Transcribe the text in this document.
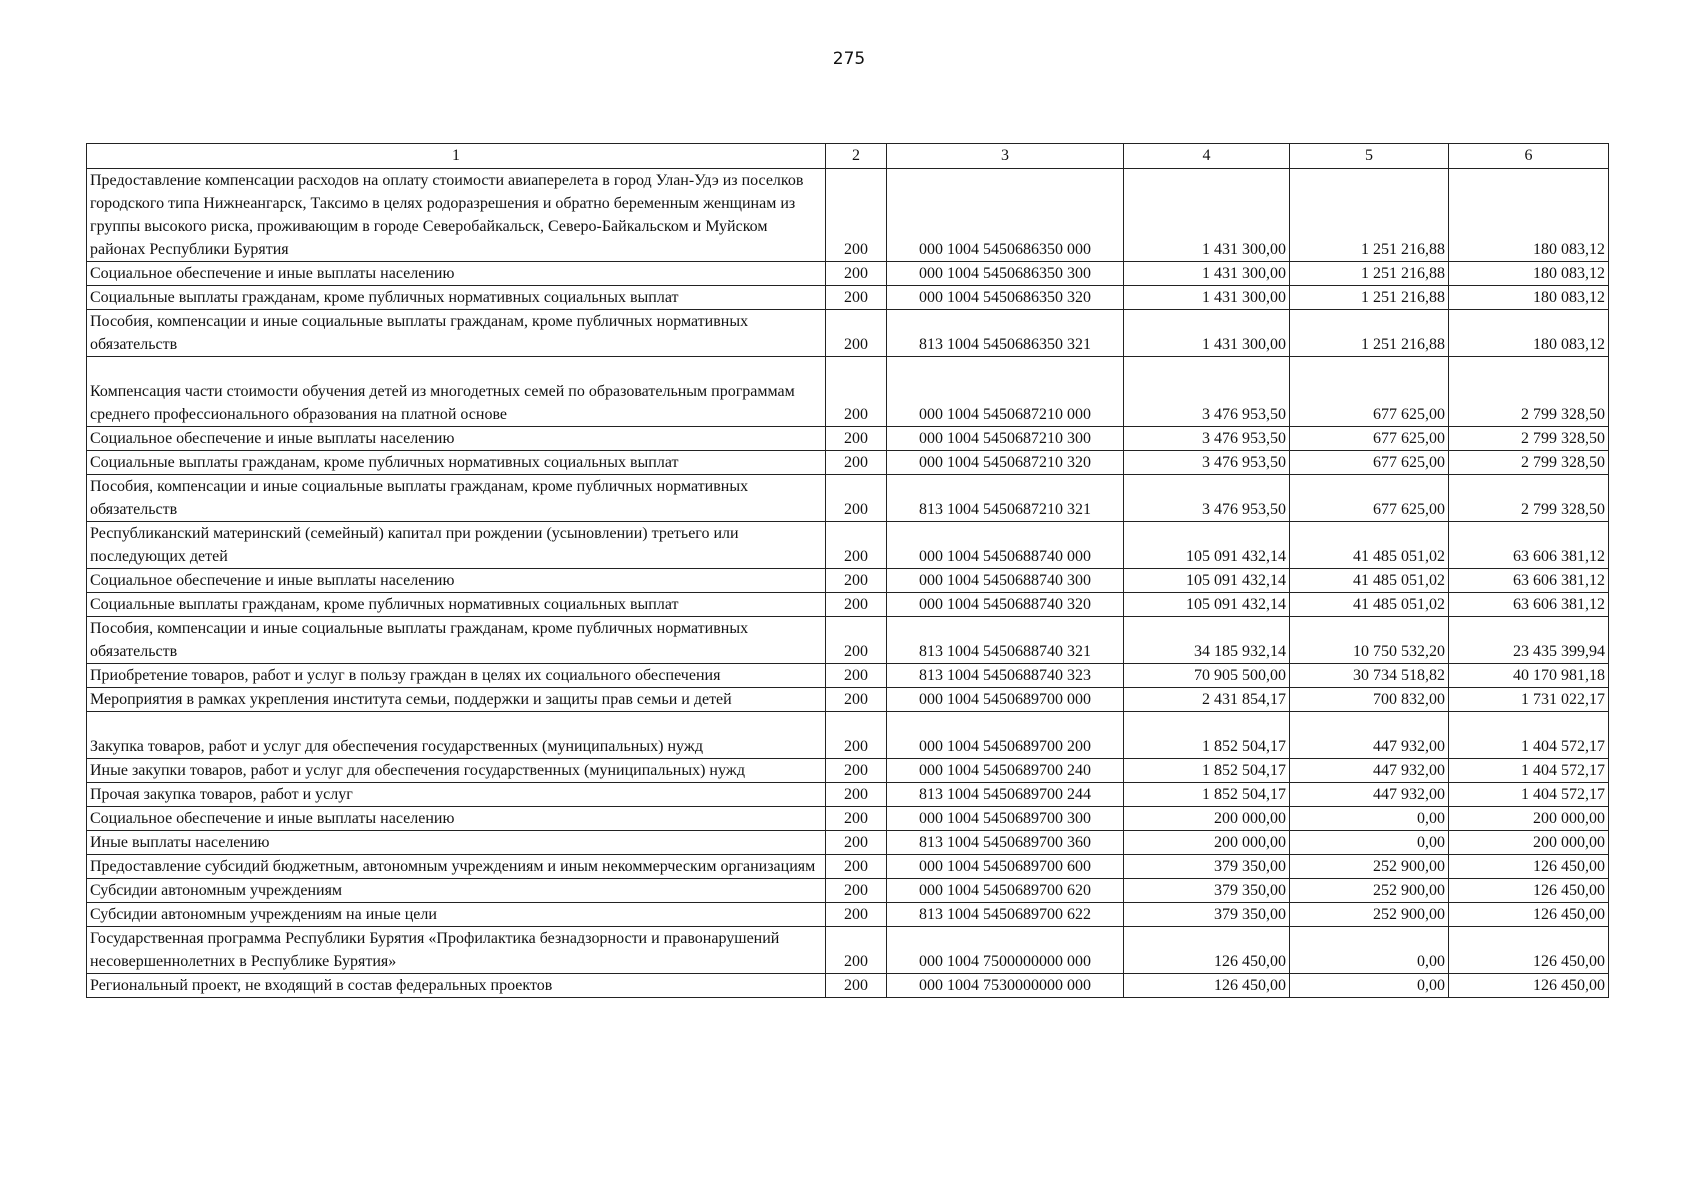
275
1	2	3	4	5	6
Предоставление компенсации расходов на оплату стоимости авиаперелета в город Улан-Удэ из поселков городского типа Нижнеангарск, Таксимо в целях родоразрешения и обратно беременным женщинам из группы высокого риска, проживающим в городе Северобайкальск, Северо-Байкальском и Муйском районах Республики Бурятия	200	000 1004 5450686350 000	1 431 300,00	1 251 216,88	180 083,12
Социальное обеспечение и иные выплаты населению	200	000 1004 5450686350 300	1 431 300,00	1 251 216,88	180 083,12
Социальные выплаты гражданам, кроме публичных нормативных социальных выплат	200	000 1004 5450686350 320	1 431 300,00	1 251 216,88	180 083,12
Пособия, компенсации и иные социальные выплаты гражданам, кроме публичных нормативных обязательств	200	813 1004 5450686350 321	1 431 300,00	1 251 216,88	180 083,12
Компенсация части стоимости обучения детей из многодетных семей по образовательным программам среднего профессионального образования на платной основе	200	000 1004 5450687210 000	3 476 953,50	677 625,00	2 799 328,50
Социальное обеспечение и иные выплаты населению	200	000 1004 5450687210 300	3 476 953,50	677 625,00	2 799 328,50
Социальные выплаты гражданам, кроме публичных нормативных социальных выплат	200	000 1004 5450687210 320	3 476 953,50	677 625,00	2 799 328,50
Пособия, компенсации и иные социальные выплаты гражданам, кроме публичных нормативных обязательств	200	813 1004 5450687210 321	3 476 953,50	677 625,00	2 799 328,50
Республиканский материнский (семейный) капитал при рождении (усыновлении) третьего или последующих детей	200	000 1004 5450688740 000	105 091 432,14	41 485 051,02	63 606 381,12
Социальное обеспечение и иные выплаты населению	200	000 1004 5450688740 300	105 091 432,14	41 485 051,02	63 606 381,12
Социальные выплаты гражданам, кроме публичных нормативных социальных выплат	200	000 1004 5450688740 320	105 091 432,14	41 485 051,02	63 606 381,12
Пособия, компенсации и иные социальные выплаты гражданам, кроме публичных нормативных обязательств	200	813 1004 5450688740 321	34 185 932,14	10 750 532,20	23 435 399,94
Приобретение товаров, работ и услуг в пользу граждан в целях их социального обеспечения	200	813 1004 5450688740 323	70 905 500,00	30 734 518,82	40 170 981,18
Мероприятия в рамках укрепления института семьи, поддержки и защиты прав семьи и детей	200	000 1004 5450689700 000	2 431 854,17	700 832,00	1 731 022,17
Закупка товаров, работ и услуг для обеспечения государственных (муниципальных) нужд	200	000 1004 5450689700 200	1 852 504,17	447 932,00	1 404 572,17
Иные закупки товаров, работ и услуг для обеспечения государственных (муниципальных) нужд	200	000 1004 5450689700 240	1 852 504,17	447 932,00	1 404 572,17
Прочая закупка товаров, работ и услуг	200	813 1004 5450689700 244	1 852 504,17	447 932,00	1 404 572,17
Социальное обеспечение и иные выплаты населению	200	000 1004 5450689700 300	200 000,00	0,00	200 000,00
Иные выплаты населению	200	813 1004 5450689700 360	200 000,00	0,00	200 000,00
Предоставление субсидий бюджетным, автономным учреждениям и иным некоммерческим организациям	200	000 1004 5450689700 600	379 350,00	252 900,00	126 450,00
Субсидии автономным учреждениям	200	000 1004 5450689700 620	379 350,00	252 900,00	126 450,00
Субсидии автономным учреждениям на иные цели	200	813 1004 5450689700 622	379 350,00	252 900,00	126 450,00
Государственная программа Республики Бурятия «Профилактика безнадзорности и правонарушений несовершеннолетних в Республике Бурятия»	200	000 1004 7500000000 000	126 450,00	0,00	126 450,00
Региональный проект, не входящий в состав федеральных проектов	200	000 1004 7530000000 000	126 450,00	0,00	126 450,00
